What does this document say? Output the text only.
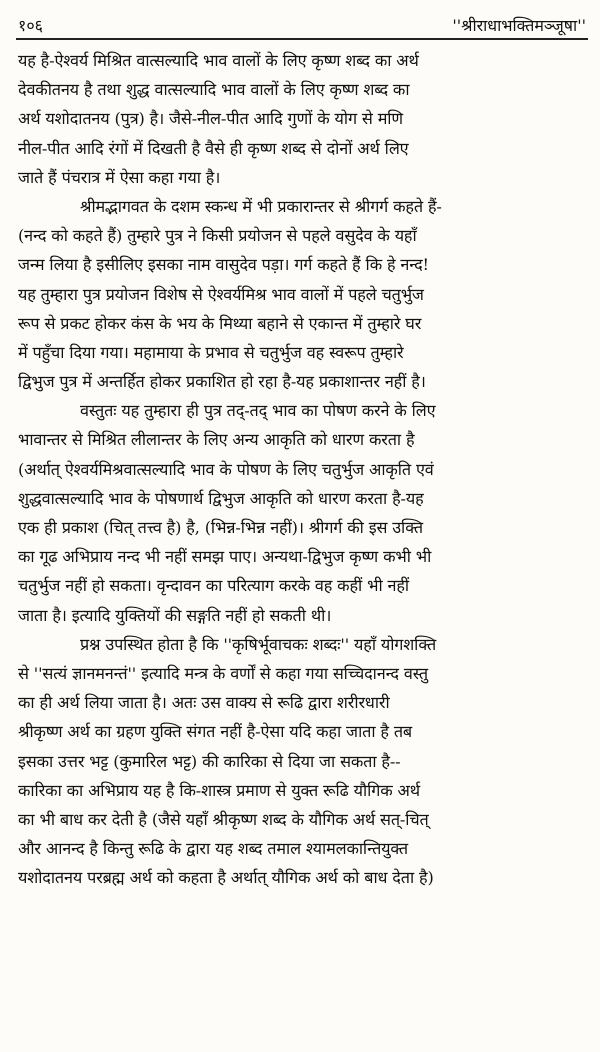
१०६	''श्रीराधाभक्तिमञ्जूषा''
यह है-ऐश्वर्य मिश्रित वात्सल्यादि भाव वालों के लिए कृष्ण शब्द का अर्थ
देवकीतनय है तथा शुद्ध वात्सल्यादि भाव वालों के लिए कृष्ण शब्द का
अर्थ यशोदातनय (पुत्र) है। जैसे-नील-पीत आदि गुणों के योग से मणि
नील-पीत आदि रंगों में दिखती है वैसे ही कृष्ण शब्द से दोनों अर्थ लिए
जाते हैं पंचरात्र में ऐसा कहा गया है।
श्रीमद्भागवत के दशम स्कन्ध में भी प्रकारान्तर से श्रीगर्ग कहते हैं-
(नन्द को कहते हैं) तुम्हारे पुत्र ने किसी प्रयोजन से पहले वसुदेव के यहाँ
जन्म लिया है इसीलिए इसका नाम वासुदेव पड़ा। गर्ग कहते हैं कि हे नन्द!
यह तुम्हारा पुत्र प्रयोजन विशेष से ऐश्वर्यमिश्र भाव वालों में पहले चतुर्भुज
रूप से प्रकट होकर कंस के भय के मिथ्या बहाने से एकान्त में तुम्हारे घर
में पहुँचा दिया गया। महामाया के प्रभाव से चतुर्भुज वह स्वरूप तुम्हारे
द्विभुज पुत्र में अन्तर्हित होकर प्रकाशित हो रहा है-यह प्रकाशान्तर नहीं है।
वस्तुतः यह तुम्हारा ही पुत्र तद्-तद् भाव का पोषण करने के लिए
भावान्तर से मिश्रित लीलान्तर के लिए अन्य आकृति को धारण करता है
(अर्थात् ऐश्वर्यमिश्रवात्सल्यादि भाव के पोषण के लिए चतुर्भुज आकृति एवं
शुद्धवात्सल्यादि भाव के पोषणार्थ द्विभुज आकृति को धारण करता है-यह
एक ही प्रकाश (चित् तत्त्व है) है, (भिन्न-भिन्न नहीं)। श्रीगर्ग की इस उक्ति
का गूढ अभिप्राय नन्द भी नहीं समझ पाए। अन्यथा-द्विभुज कृष्ण कभी भी
चतुर्भुज नहीं हो सकता। वृन्दावन का परित्याग करके वह कहीं भी नहीं
जाता है। इत्यादि युक्तियों की सङ्गति नहीं हो सकती थी।
प्रश्न उपस्थित होता है कि ''कृषिर्भूवाचकः शब्दः'' यहाँ योगशक्ति
से ''सत्यं ज्ञानमनन्तं'' इत्यादि मन्त्र के वर्णों से कहा गया सच्चिदानन्द वस्तु
का ही अर्थ लिया जाता है। अतः उस वाक्य से रूढि द्वारा शरीरधारी
श्रीकृष्ण अर्थ का ग्रहण युक्ति संगत नहीं है-ऐसा यदि कहा जाता है तब
इसका उत्तर भट्ट (कुमारिल भट्ट) की कारिका से दिया जा सकता है--
कारिका का अभिप्राय यह है कि-शास्त्र प्रमाण से युक्त रूढि यौगिक अर्थ
का भी बाध कर देती है (जैसे यहाँ श्रीकृष्ण शब्द के यौगिक अर्थ सत्-चित्
और आनन्द है किन्तु रूढि के द्वारा यह शब्द तमाल श्यामलकान्तियुक्त
यशोदातनय परब्रह्म अर्थ को कहता है अर्थात् यौगिक अर्थ को बाध देता है)
